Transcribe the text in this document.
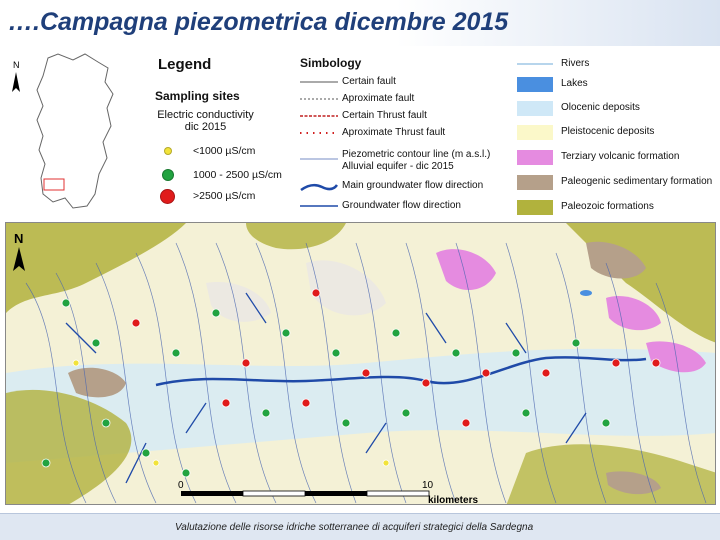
….Campagna piezometrica dicembre 2015
N	Legend	Simbology
Sampling sites
Electric conductivity
dic 2015
<1000 µS/cm
1000 - 2500 µS/cm
>2500 µS/cm
Certain fault
Aproximate fault
Certain Thrust fault
Aproximate Thrust fault
Piezometric contour line (m a.s.l.)
Alluvial equifer - dic 2015
Main groundwater flow direction
Groundwater flow direction
Rivers
Lakes
Olocenic deposits
Pleistocenic deposits
Terziary volcanic formation
Paleogenic sedimentary formation
Paleozoic formations
N
0	10
kilometers
Valutazione delle risorse idriche sotterranee di acquiferi strategici della Sardegna
